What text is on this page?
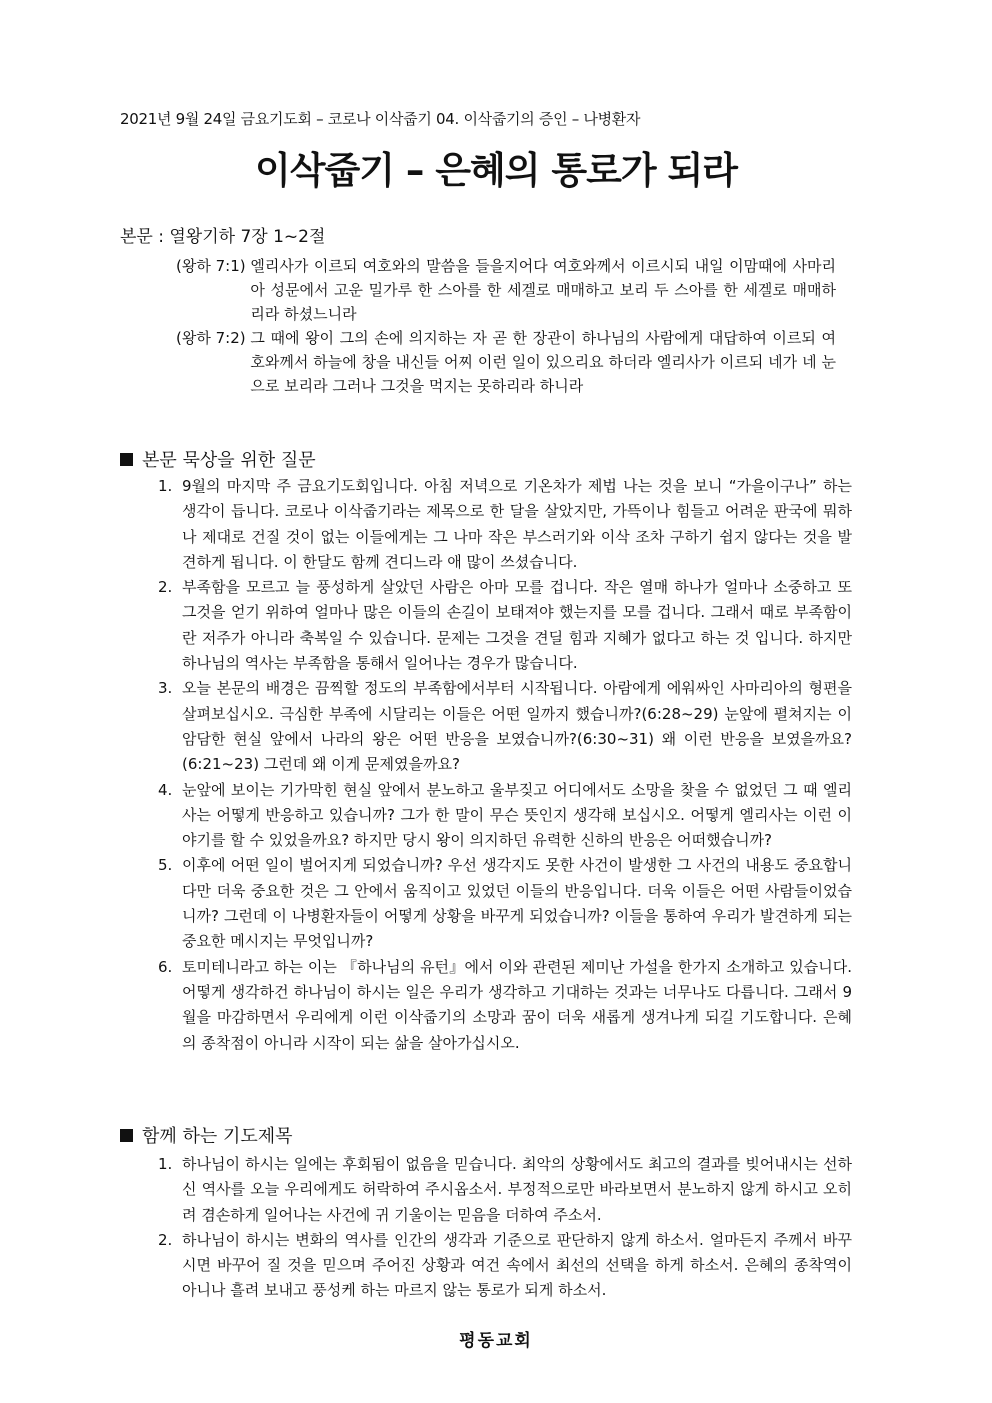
2021년 9월 24일 금요기도회 – 코로나 이삭줍기 04. 이삭줍기의 증인 – 나병환자
이삭줍기 – 은혜의 통로가 되라
본문 : 열왕기하 7장 1~2절
(왕하 7:1) 엘리사가 이르되 여호와의 말씀을 들을지어다 여호와께서 이르시되 내일 이맘때에 사마리아 성문에서 고운 밀가루 한 스아를 한 세겔로 매매하고 보리 두 스아를 한 세겔로 매매하리라 하셨느니라
(왕하 7:2) 그 때에 왕이 그의 손에 의지하는 자 곧 한 장관이 하나님의 사람에게 대답하여 이르되 여호와께서 하늘에 창을 내신들 어찌 이런 일이 있으리요 하더라 엘리사가 이르되 네가 네 눈으로 보리라 그러나 그것을 먹지는 못하리라 하니라
본문 묵상을 위한 질문
1. 9월의 마지막 주 금요기도회입니다. 아침 저녁으로 기온차가 제법 나는 것을 보니 “가을이구나” 하는 생각이 듭니다. 코로나 이삭줍기라는 제목으로 한 달을 살았지만, 가뜩이나 힘들고 어려운 판국에 뭐하나 제대로 건질 것이 없는 이들에게는 그 나마 작은 부스러기와 이삭 조차 구하기 쉽지 않다는 것을 발견하게 됩니다. 이 한달도 함께 견디느라 애 많이 쓰셨습니다.
2. 부족함을 모르고 늘 풍성하게 살았던 사람은 아마 모를 겁니다. 작은 열매 하나가 얼마나 소중하고 또 그것을 얻기 위하여 얼마나 많은 이들의 손길이 보태져야 했는지를 모를 겁니다. 그래서 때로 부족함이란 저주가 아니라 축복일 수 있습니다. 문제는 그것을 견딜 힘과 지혜가 없다고 하는 것 입니다. 하지만 하나님의 역사는 부족함을 통해서 일어나는 경우가 많습니다.
3. 오늘 본문의 배경은 끔찍할 정도의 부족함에서부터 시작됩니다. 아람에게 에워싸인 사마리아의 형편을 살펴보십시오. 극심한 부족에 시달리는 이들은 어떤 일까지 했습니까?(6:28~29) 눈앞에 펼쳐지는 이 암담한 현실 앞에서 나라의 왕은 어떤 반응을 보였습니까?(6:30~31) 왜 이런 반응을 보였을까요?(6:21~23) 그런데 왜 이게 문제였을까요?
4. 눈앞에 보이는 기가막힌 현실 앞에서 분노하고 울부짖고 어디에서도 소망을 찾을 수 없었던 그 때 엘리사는 어떻게 반응하고 있습니까? 그가 한 말이 무슨 뜻인지 생각해 보십시오. 어떻게 엘리사는 이런 이야기를 할 수 있었을까요? 하지만 당시 왕이 의지하던 유력한 신하의 반응은 어떠했습니까?
5. 이후에 어떤 일이 벌어지게 되었습니까? 우선 생각지도 못한 사건이 발생한 그 사건의 내용도 중요합니다만 더욱 중요한 것은 그 안에서 움직이고 있었던 이들의 반응입니다. 더욱 이들은 어떤 사람들이었습니까? 그런데 이 나병환자들이 어떻게 상황을 바꾸게 되었습니까? 이들을 통하여 우리가 발견하게 되는 중요한 메시지는 무엇입니까?
6. 토미테니라고 하는 이는 『하나님의 유턴』에서 이와 관련된 제미난 가설을 한가지 소개하고 있습니다. 어떻게 생각하건 하나님이 하시는 일은 우리가 생각하고 기대하는 것과는 너무나도 다릅니다. 그래서 9월을 마감하면서 우리에게 이런 이삭줍기의 소망과 꿈이 더욱 새롭게 생겨나게 되길 기도합니다. 은혜의 종착점이 아니라 시작이 되는 삶을 살아가십시오.
함께 하는 기도제목
1. 하나님이 하시는 일에는 후회됨이 없음을 믿습니다. 최악의 상황에서도 최고의 결과를 빚어내시는 선하신 역사를 오늘 우리에게도 허락하여 주시옵소서. 부정적으로만 바라보면서 분노하지 않게 하시고 오히려 겸손하게 일어나는 사건에 귀 기울이는 믿음을 더하여 주소서.
2. 하나님이 하시는 변화의 역사를 인간의 생각과 기준으로 판단하지 않게 하소서. 얼마든지 주께서 바꾸시면 바꾸어 질 것을 믿으며 주어진 상황과 여건 속에서 최선의 선택을 하게 하소서. 은혜의 종착역이 아니나 흘려 보내고 풍성케 하는 마르지 않는 통로가 되게 하소서.
평동교회
